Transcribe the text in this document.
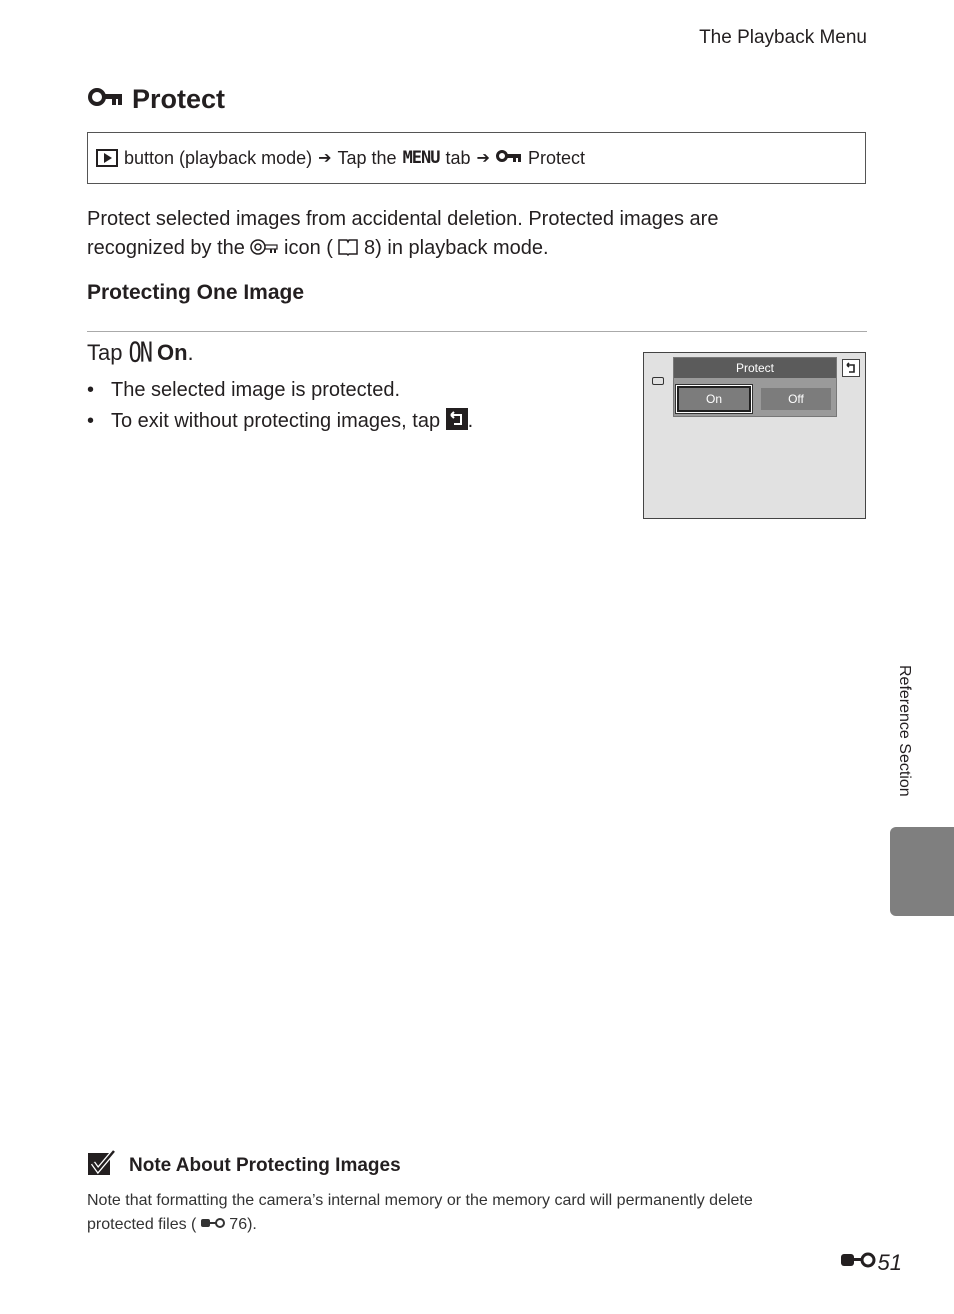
The Playback Menu
Protect
button (playback mode) ➔ Tap the MENU tab ➔ Protect
Protect selected images from accidental deletion. Protected images are
recognized by the icon ( 8) in playback mode.
Protecting One Image
Tap ON On .
• The selected image is protected.
• To exit without protecting images, tap .
Protect
On	Off
Reference Section
Note About Protecting Images
Note that formatting the camera’s internal memory or the memory card will permanently delete
protected files ( 76).
51
